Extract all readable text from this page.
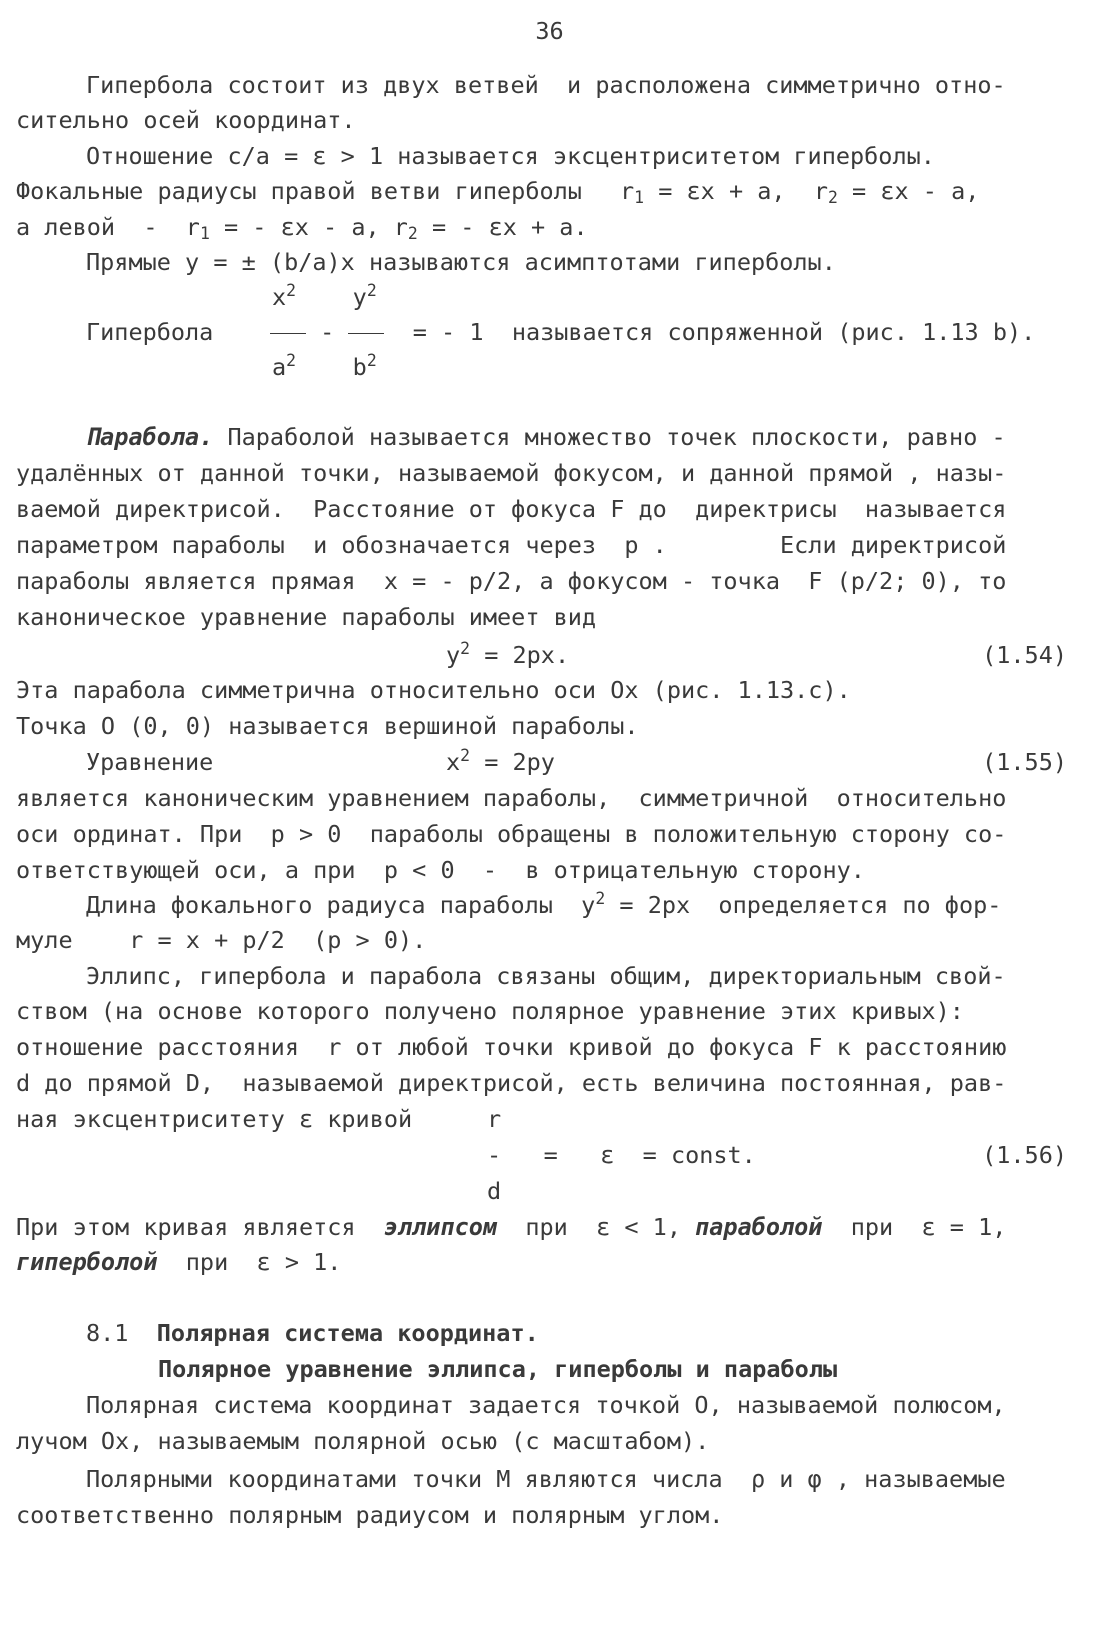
36
Гипербола состоит из двух ветвей  и расположена симметрично отно-
сительно осей координат.
Отношение с/а = ε > 1 называется эксцентриситетом гиперболы.
Фокальные радиусы правой ветви гиперболы $r_1 = \varepsilon x + a$, $r_2 = \varepsilon x - a$,
а левой  -  $r_1$ = - εx - a, $r_2$ = - εx + a.
Прямые y = ± (b/a)x называются асимптотами гиперболы.
$x^2$ $y^2$
Гипербола	-	= - 1 называется сопряженной (рис. 1.13 b).
$a^2$ $b^2$
Парабола. Параболой называется множество точек плоскости, равно -
удалённых от данной точки, называемой фокусом, и данной прямой , назы-
ваемой директрисой.  Расстояние от фокуса F до  директрисы  называется
параметром параболы  и обозначается через  p .        Если директрисой
параболы является прямая  x = - p/2, а фокусом - точка  F (p/2; 0), то
каноническое уравнение параболы имеет вид
$y^2 = 2px$.	(1.54)
Эта парабола симметрична относительно оси Ox (рис. 1.13.c).
Точка O (0, 0) называется вершиной параболы.
Уравнение	$x^2 = 2py$	(1.55)
является каноническим уравнением параболы,  симметричной  относительно
оси ординат. При  p > 0  параболы обращены в положительную сторону со-
ответствующей оси, а при  p < 0  -  в отрицательную сторону.
Длина фокального радиуса параболы  $y^2 = 2px$  определяется по фор-
муле    r = x + p/2  (p > 0).
Эллипс, гипербола и парабола связаны общим, директориальным свой-
ством (на основе которого получено полярное уравнение этих кривых):
отношение расстояния  r от любой точки кривой до фокуса F к расстоянию
d до прямой D,  называемой директрисой, есть величина постоянная, рав-
ная эксцентриситету ε кривой	r
- =   ε  = const.	(1.56)
d
При этом кривая является  эллипсом  при  ε < 1, параболой  при  ε = 1,
гиперболой  при  ε > 1.
8.1 Полярная система координат.
Полярное уравнение эллипса, гиперболы и параболы
Полярная система координат задается точкой O, называемой полюсом,
лучом Ox, называемым полярной осью (с масштабом).
Полярными координатами точки M являются числа  ρ и φ , называемые
соответственно полярным радиусом и полярным углом.
